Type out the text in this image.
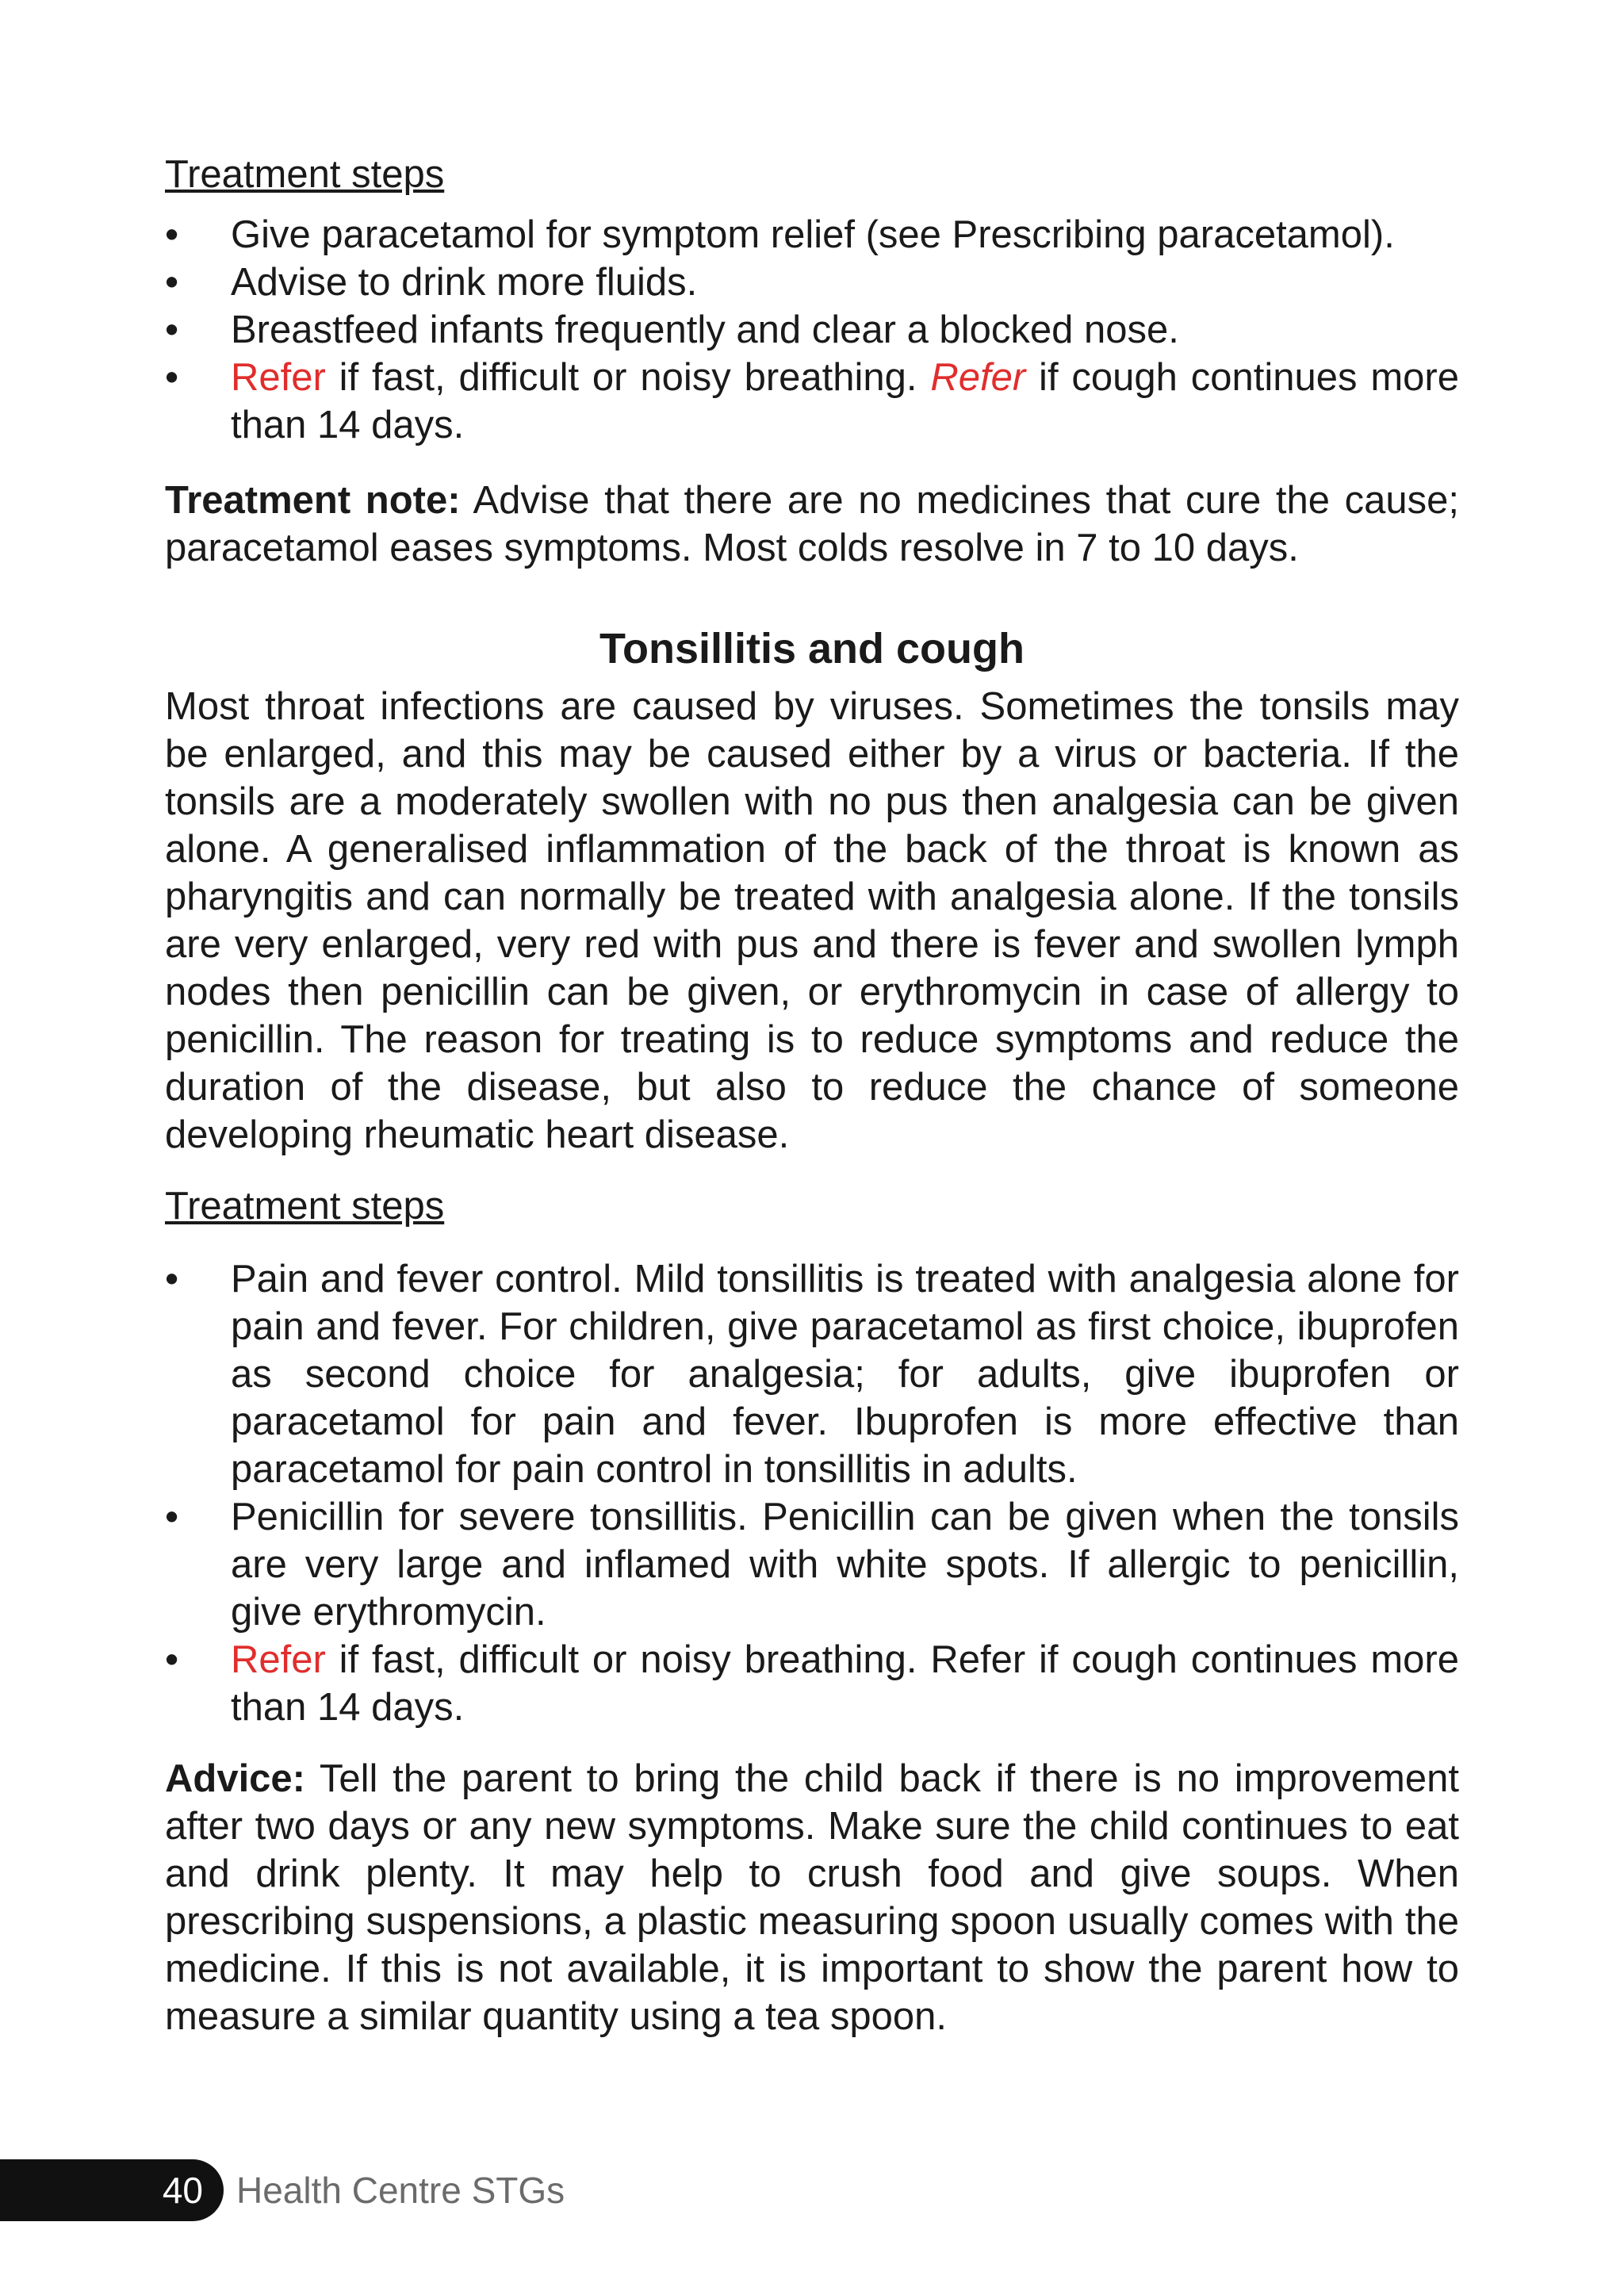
Treatment steps

• Give paracetamol for symptom relief (see Prescribing paracetamol).
• Advise to drink more fluids.
• Breastfeed infants frequently and clear a blocked nose.
• Refer if fast, difficult or noisy breathing. Refer if cough continues more than 14 days.

Treatment note: Advise that there are no medicines that cure the cause; paracetamol eases symptoms. Most colds resolve in 7 to 10 days.

Tonsillitis and cough

Most throat infections are caused by viruses. Sometimes the tonsils may be enlarged, and this may be caused either by a virus or bacteria. If the tonsils are a moderately swollen with no pus then analgesia can be given alone. A generalised inflammation of the back of the throat is known as pharyngitis and can normally be treated with analgesia alone. If the tonsils are very enlarged, very red with pus and there is fever and swollen lymph nodes then penicillin can be given, or erythromycin in case of allergy to penicillin. The reason for treating is to reduce symptoms and reduce the duration of the disease, but also to reduce the chance of someone developing rheumatic heart disease.

Treatment steps

• Pain and fever control. Mild tonsillitis is treated with analgesia alone for pain and fever. For children, give paracetamol as first choice, ibuprofen as second choice for analgesia; for adults, give ibuprofen or paracetamol for pain and fever. Ibuprofen is more effective than paracetamol for pain control in tonsillitis in adults.
• Penicillin for severe tonsillitis. Penicillin can be given when the tonsils are very large and inflamed with white spots. If allergic to penicillin, give erythromycin.
• Refer if fast, difficult or noisy breathing. Refer if cough continues more than 14 days.

Advice: Tell the parent to bring the child back if there is no improvement after two days or any new symptoms. Make sure the child continues to eat and drink plenty. It may help to crush food and give soups. When prescribing suspensions, a plastic measuring spoon usually comes with the medicine. If this is not available, it is important to show the parent how to measure a similar quantity using a tea spoon.

40 Health Centre STGs
